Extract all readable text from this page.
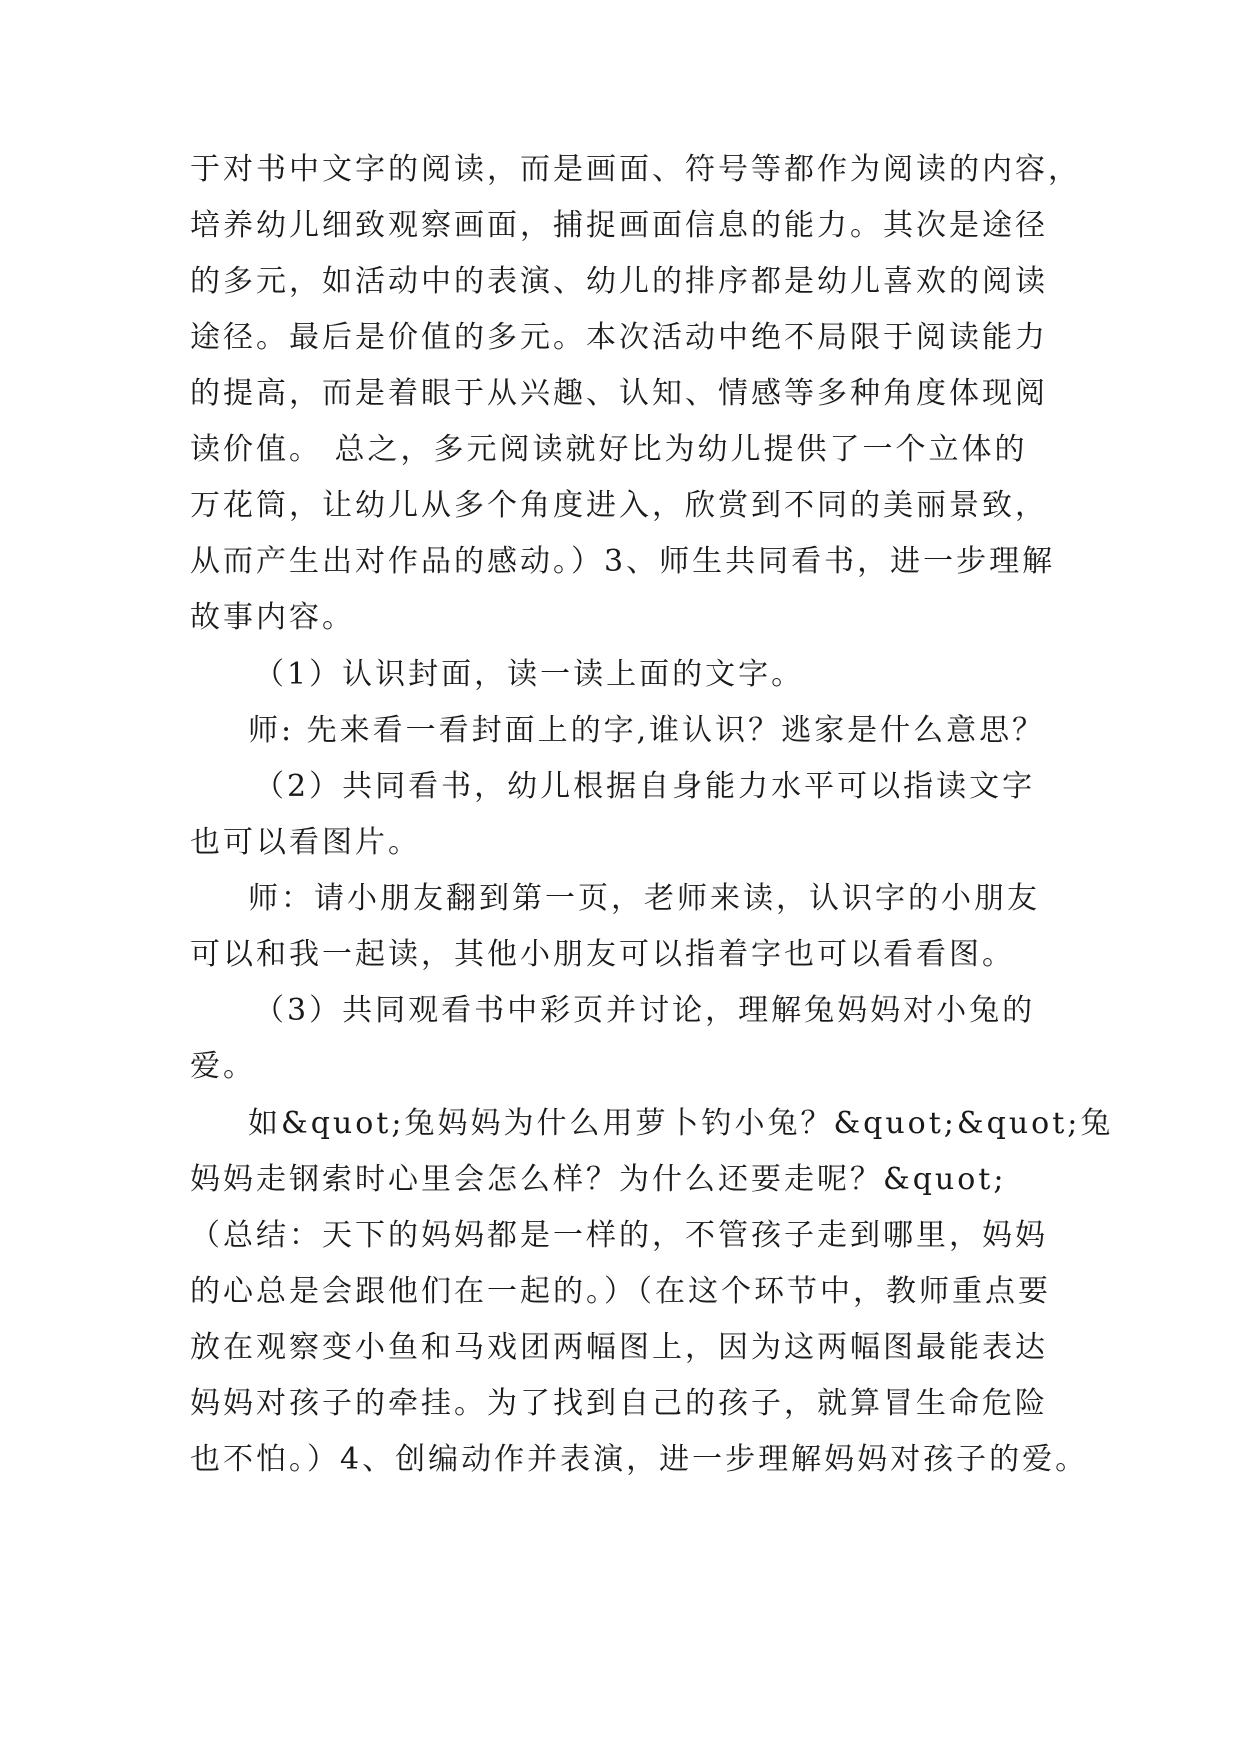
于对书中文字的阅读，而是画面、符号等都作为阅读的内容，
培养幼儿细致观察画面，捕捉画面信息的能力。其次是途径
的多元，如活动中的表演、幼儿的排序都是幼儿喜欢的阅读
途径。最后是价值的多元。本次活动中绝不局限于阅读能力
的提高，而是着眼于从兴趣、认知、情感等多种角度体现阅
读价值。 总之，多元阅读就好比为幼儿提供了一个立体的
万花筒，让幼儿从多个角度进入，欣赏到不同的美丽景致，
从而产生出对作品的感动。）3、师生共同看书，进一步理解
故事内容。
（1）认识封面，读一读上面的文字。
师: 先来看一看封面上的字,谁认识？逃家是什么意思？
（2）共同看书，幼儿根据自身能力水平可以指读文字
也可以看图片。
师：请小朋友翻到第一页，老师来读，认识字的小朋友
可以和我一起读，其他小朋友可以指着字也可以看看图。
（3）共同观看书中彩页并讨论，理解兔妈妈对小兔的
爱。
如&quot;兔妈妈为什么用萝卜钓小兔？&quot;&quot;兔
妈妈走钢索时心里会怎么样？为什么还要走呢？&quot;
（总结：天下的妈妈都是一样的，不管孩子走到哪里，妈妈
的心总是会跟他们在一起的。）（在这个环节中，教师重点要
放在观察变小鱼和马戏团两幅图上，因为这两幅图最能表达
妈妈对孩子的牵挂。为了找到自己的孩子，就算冒生命危险
也不怕。）4、创编动作并表演，进一步理解妈妈对孩子的爱。
